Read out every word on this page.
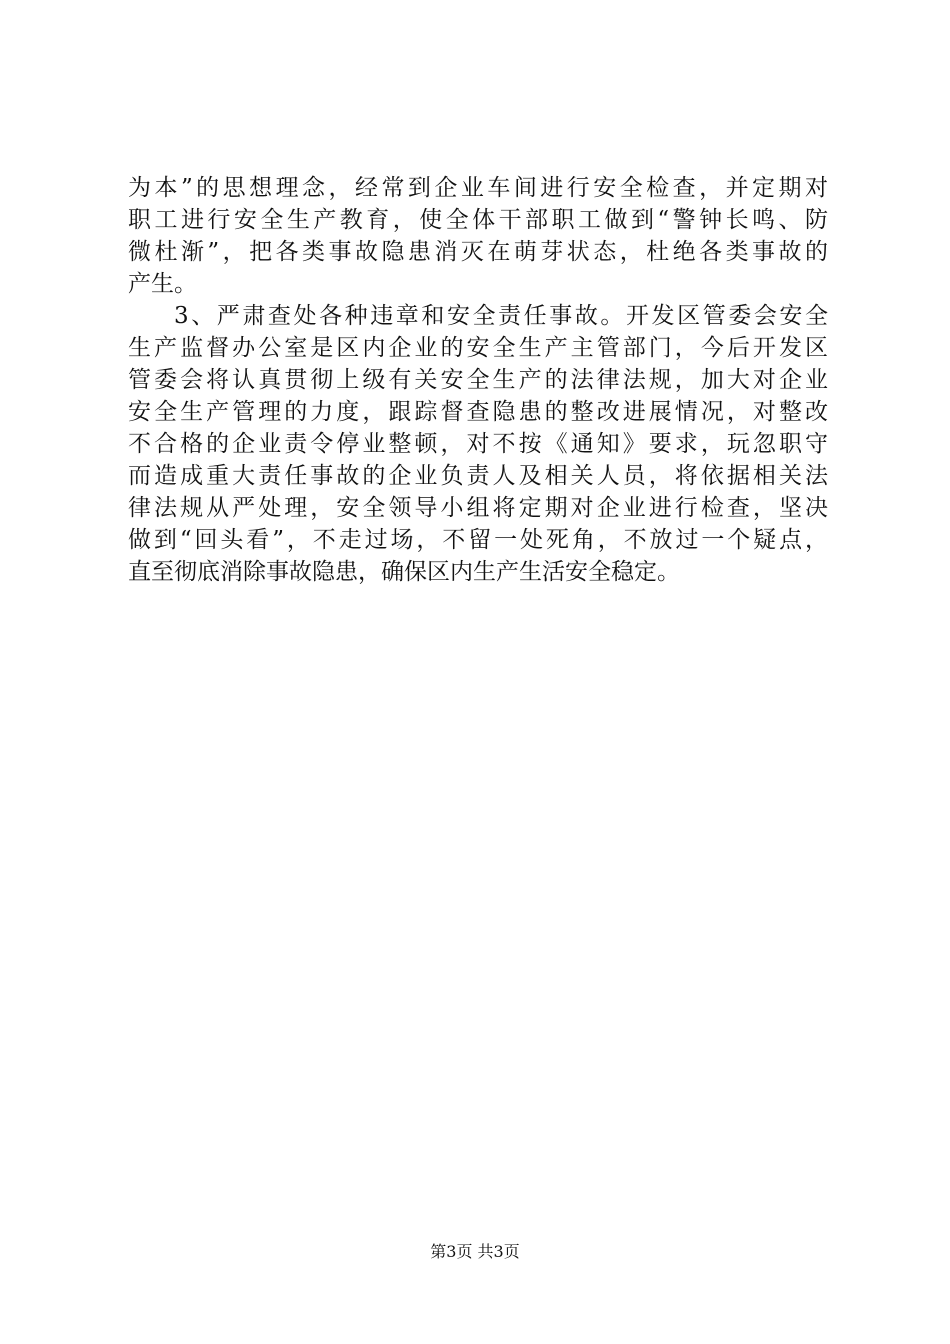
为本”的思想理念，经常到企业车间进行安全检查，并定期对
职工进行安全生产教育，使全体干部职工做到“警钟长鸣、防
微杜渐”，把各类事故隐患消灭在萌芽状态，杜绝各类事故的
产生。
3、严肃查处各种违章和安全责任事故。开发区管委会安全
生产监督办公室是区内企业的安全生产主管部门，今后开发区
管委会将认真贯彻上级有关安全生产的法律法规，加大对企业
安全生产管理的力度，跟踪督查隐患的整改进展情况，对整改
不合格的企业责令停业整顿，对不按《通知》要求，玩忽职守
而造成重大责任事故的企业负责人及相关人员，将依据相关法
律法规从严处理，安全领导小组将定期对企业进行检查，坚决
做到“回头看”，不走过场，不留一处死角，不放过一个疑点，
直至彻底消除事故隐患，确保区内生产生活安全稳定。
第3页 共3页
